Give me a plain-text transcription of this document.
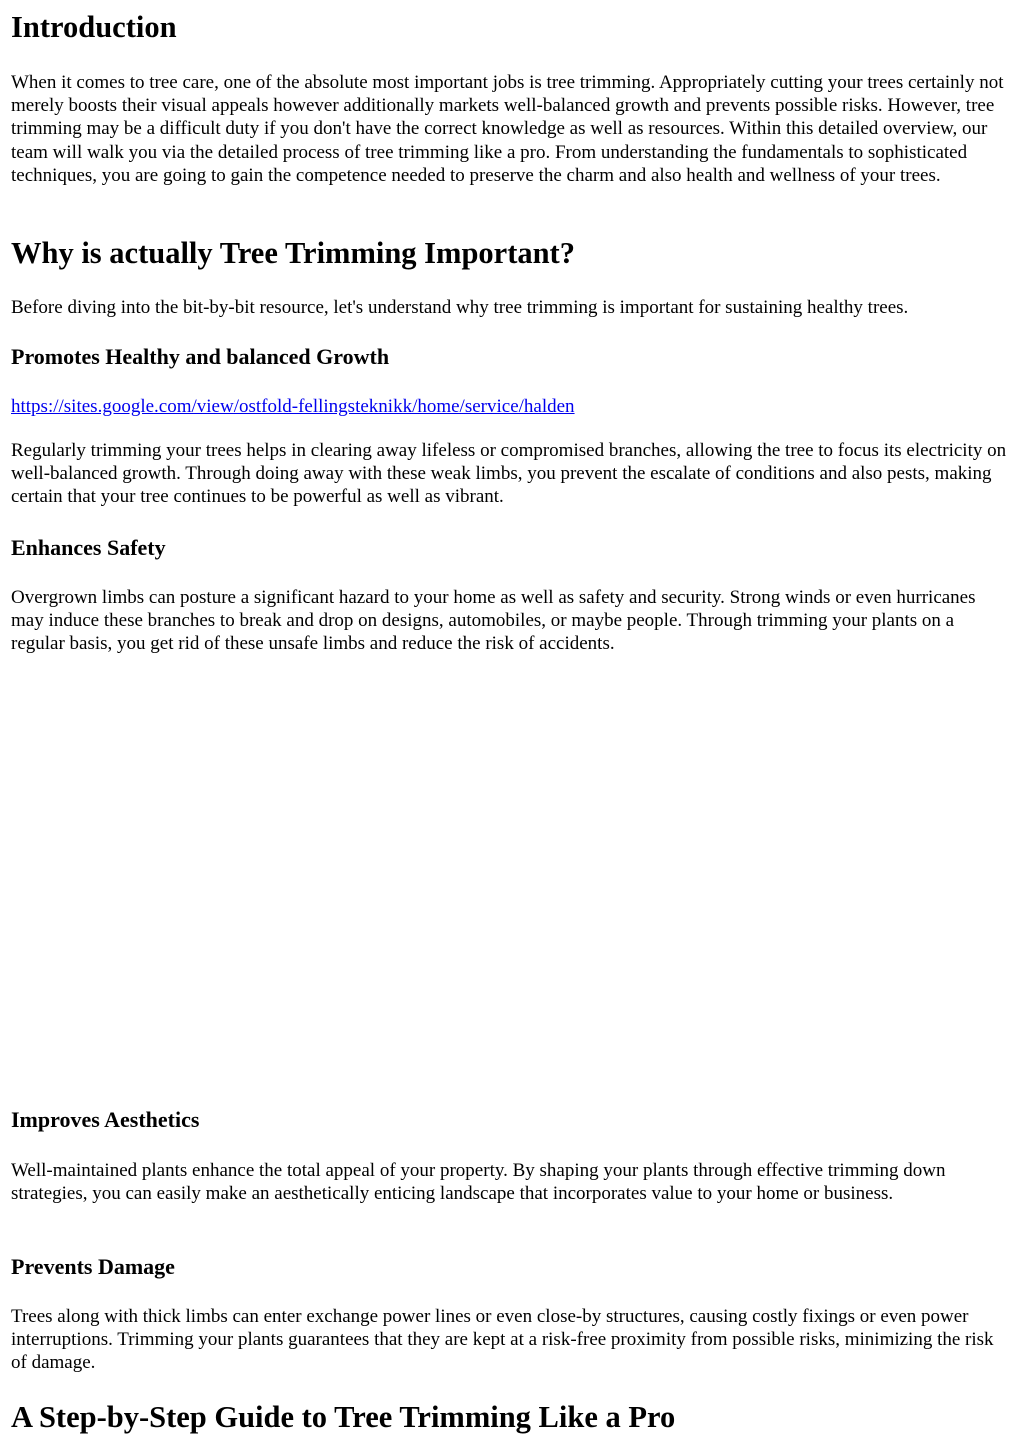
Introduction

When it comes to tree care, one of the absolute most important jobs is tree trimming. Appropriately cutting your trees certainly not merely boosts their visual appeals however additionally markets well-balanced growth and prevents possible risks. However, tree trimming may be a difficult duty if you don't have the correct knowledge as well as resources. Within this detailed overview, our team will walk you via the detailed process of tree trimming like a pro. From understanding the fundamentals to sophisticated techniques, you are going to gain the competence needed to preserve the charm and also health and wellness of your trees.

Why is actually Tree Trimming Important?

Before diving into the bit-by-bit resource, let's understand why tree trimming is important for sustaining healthy trees.

Promotes Healthy and balanced Growth
https://sites.google.com/view/ostfold-fellingsteknikk/home/service/halden

Regularly trimming your trees helps in clearing away lifeless or compromised branches, allowing the tree to focus its electricity on well-balanced growth. Through doing away with these weak limbs, you prevent the escalate of conditions and also pests, making certain that your tree continues to be powerful as well as vibrant.

Enhances Safety

Overgrown limbs can posture a significant hazard to your home as well as safety and security. Strong winds or even hurricanes may induce these branches to break and drop on designs, automobiles, or maybe people. Through trimming your plants on a regular basis, you get rid of these unsafe limbs and reduce the risk of accidents.

Improves Aesthetics

Well-maintained plants enhance the total appeal of your property. By shaping your plants through effective trimming down strategies, you can easily make an aesthetically enticing landscape that incorporates value to your home or business.

Prevents Damage

Trees along with thick limbs can enter exchange power lines or even close-by structures, causing costly fixings or even power interruptions. Trimming your plants guarantees that they are kept at a risk-free proximity from possible risks, minimizing the risk of damage.

A Step-by-Step Guide to Tree Trimming Like a Pro
